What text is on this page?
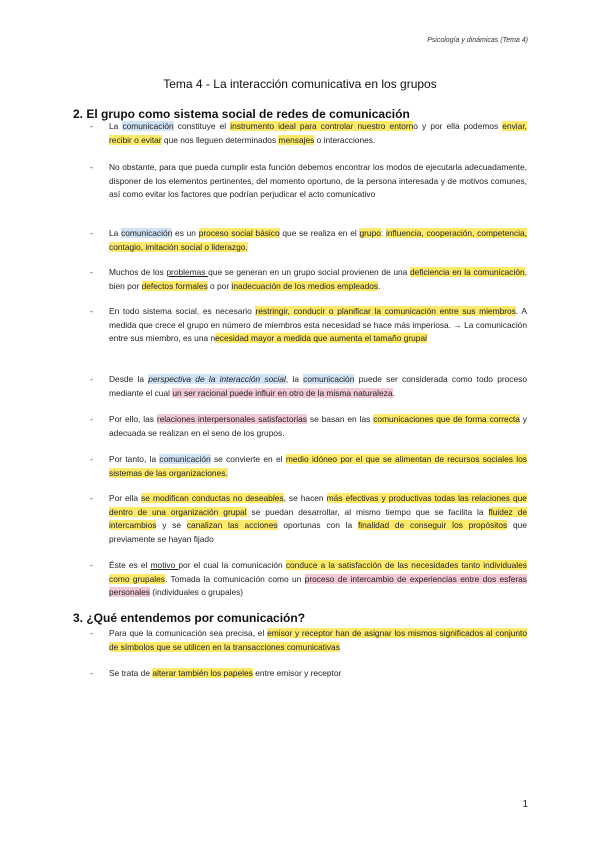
Psicología y dinámicas (Tema 4)
Tema 4 - La interacción comunicativa en los grupos
2. El grupo como sistema social de redes de comunicación
- La comunicación constituye el instrumento ideal para controlar nuestro entorno y por ella podemos enviar, recibir o evitar que nos lleguen determinados mensajes o interacciones.
- No obstante, para que pueda cumplir esta función debemos encontrar los modos de ejecutarla adecuadamente, disponer de los elementos pertinentes, del momento oportuno, de la persona interesada y de motivos comunes, así como evitar los factores que podrían perjudicar el acto comunicativo
- La comunicación es un proceso social básico que se realiza en el grupo: influencia, cooperación, competencia, contagio, imitación social o liderazgo.
- Muchos de los problemas que se generan en un grupo social provienen de una deficiencia en la comunicación, bien por defectos formales o por inadecuación de los medios empleados.
- En todo sistema social, es necesario restringir, conducir o planificar la comunicación entre sus miembros. A medida que crece el grupo en número de miembros esta necesidad se hace más imperiosa. → La comunicación entre sus miembro, es una necesidad mayor a medida que aumenta el tamaño grupal
- Desde la perspectiva de la interacción social, la comunicación puede ser considerada como todo proceso mediante el cual un ser racional puede influir en otro de la misma naturaleza.
- Por ello, las relaciones interpersonales satisfactorias se basan en las comunicaciones que de forma correcta y adecuada se realizan en el seno de los grupos.
- Por tanto, la comunicación se convierte en el medio idóneo por el que se alimentan de recursos sociales los sistemas de las organizaciones.
- Por ella se modifican conductas no deseables, se hacen más efectivas y productivas todas las relaciones que dentro de una organización grupal se puedan desarrollar, al mismo tiempo que se facilita la fluidez de intercambios y se canalizan las acciones oportunas con la finalidad de conseguir los propósitos que previamente se hayan fijado
- Éste es el motivo por el cual la comunicación conduce a la satisfacción de las necesidades tanto individuales como grupales. Tomada la comunicación como un proceso de intercambio de experiencias entre dos esferas personales (individuales o grupales)
3. ¿Qué entendemos por comunicación?
- Para que la comunicación sea precisa, el emisor y receptor han de asignar los mismos significados al conjunto de símbolos que se utilicen en la transacciones comunicativas
- Se trata de alterar también los papeles entre emisor y receptor
1
